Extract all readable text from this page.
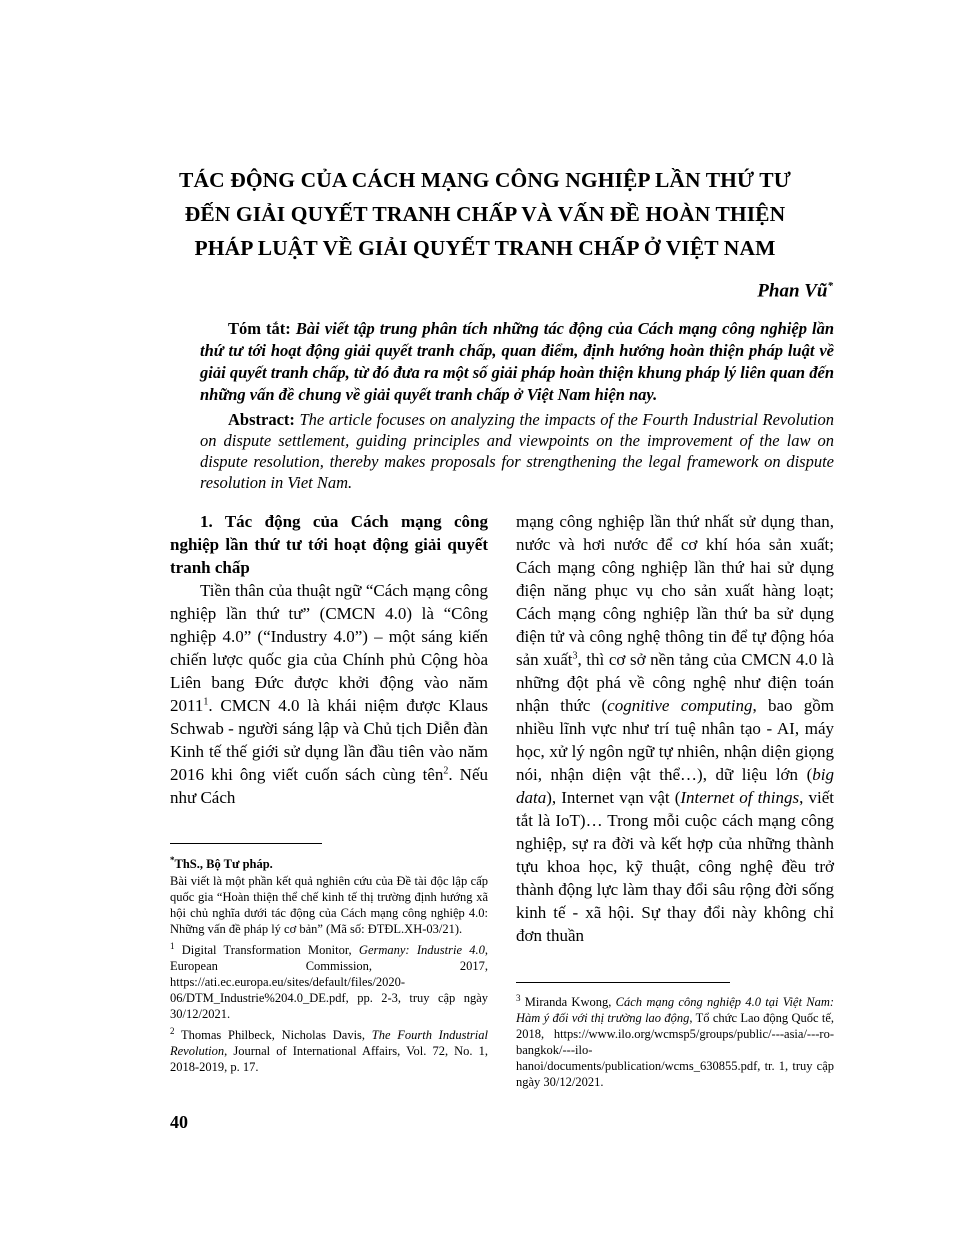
TÁC ĐỘNG CỦA CÁCH MẠNG CÔNG NGHIỆP LẦN THỨ TƯ
ĐẾN GIẢI QUYẾT TRANH CHẤP VÀ VẤN ĐỀ HOÀN THIỆN
PHÁP LUẬT VỀ GIẢI QUYẾT TRANH CHẤP Ở VIỆT NAM
Phan Vũ*

Tóm tắt: Bài viết tập trung phân tích những tác động của Cách mạng công nghiệp lần thứ tư tới hoạt động giải quyết tranh chấp, quan điểm, định hướng hoàn thiện pháp luật về giải quyết tranh chấp, từ đó đưa ra một số giải pháp hoàn thiện khung pháp lý liên quan đến những vấn đề chung về giải quyết tranh chấp ở Việt Nam hiện nay.

Abstract: The article focuses on analyzing the impacts of the Fourth Industrial Revolution on dispute settlement, guiding principles and viewpoints on the improvement of the law on dispute resolution, thereby makes proposals for strengthening the legal framework on dispute resolution in Viet Nam.

1. Tác động của Cách mạng công nghiệp lần thứ tư tới hoạt động giải quyết tranh chấp

Tiền thân của thuật ngữ “Cách mạng công nghiệp lần thứ tư” (CMCN 4.0) là “Công nghiệp 4.0” (“Industry 4.0”) – một sáng kiến chiến lược quốc gia của Chính phủ Cộng hòa Liên bang Đức được khởi động vào năm 2011$^1$. CMCN 4.0 là khái niệm được Klaus Schwab - người sáng lập và Chủ tịch Diễn đàn Kinh tế thế giới sử dụng lần đầu tiên vào năm 2016 khi ông viết cuốn sách cùng tên$^2$. Nếu như Cách

mạng công nghiệp lần thứ nhất sử dụng than, nước và hơi nước để cơ khí hóa sản xuất; Cách mạng công nghiệp lần thứ hai sử dụng điện năng phục vụ cho sản xuất hàng loạt; Cách mạng công nghiệp lần thứ ba sử dụng điện tử và công nghệ thông tin để tự động hóa sản xuất$^3$, thì cơ sở nền tảng của CMCN 4.0 là những đột phá về công nghệ như điện toán nhận thức (cognitive computing, bao gồm nhiều lĩnh vực như trí tuệ nhân tạo - AI, máy học, xử lý ngôn ngữ tự nhiên, nhận diện giọng nói, nhận diện vật thể…), dữ liệu lớn (big data), Internet vạn vật (Internet of things, viết tắt là IoT)… Trong mỗi cuộc cách mạng công nghiệp, sự ra đời và kết hợp của những thành tựu khoa học, kỹ thuật, công nghệ đều trở thành động lực làm thay đổi sâu rộng đời sống kinh tế - xã hội. Sự thay đổi này không chỉ đơn thuần

*ThS., Bộ Tư pháp.

Bài viết là một phần kết quả nghiên cứu của Đề tài độc lập cấp quốc gia “Hoàn thiện thể chế kinh tế thị trường định hướng xã hội chủ nghĩa dưới tác động của Cách mạng công nghiệp 4.0: Những vấn đề pháp lý cơ bản” (Mã số: ĐTĐL.XH-03/21).

$^1$ Digital Transformation Monitor, Germany: Industrie 4.0, European Commission, 2017, https://ati.ec.europa.eu/sites/default/files/2020-06/DTM_Industrie%204.0_DE.pdf, pp. 2-3, truy cập ngày 30/12/2021.

$^2$ Thomas Philbeck, Nicholas Davis, The Fourth Industrial Revolution, Journal of International Affairs, Vol. 72, No. 1, 2018-2019, p. 17.

$^3$ Miranda Kwong, Cách mạng công nghiệp 4.0 tại Việt Nam: Hàm ý đối với thị trường lao động, Tổ chức Lao động Quốc tế, 2018, https://www.ilo.org/wcmsp5/groups/public/---asia/---ro-bangkok/---ilo-hanoi/documents/publication/wcms_630855.pdf, tr. 1, truy cập ngày 30/12/2021.

40
